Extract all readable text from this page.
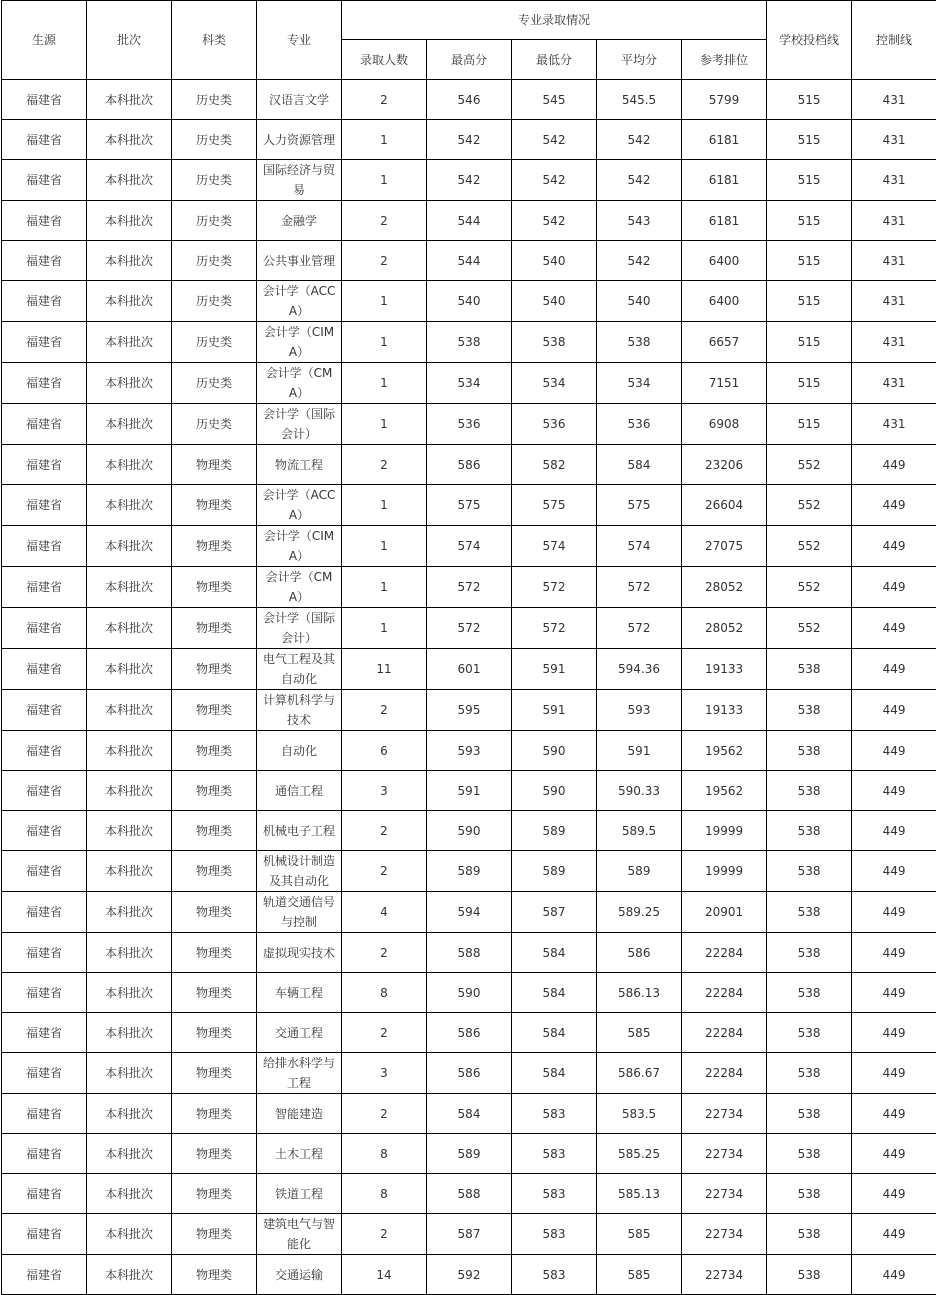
生源	批次	科类	专业	专业录取情况					学校投档线	控制线
				录取人数	最高分	最低分	平均分	参考排位		
福建省	本科批次	历史类	汉语言文学	2	546	545	545.5	5799	515	431
福建省	本科批次	历史类	人力资源管理	1	542	542	542	6181	515	431
福建省	本科批次	历史类	国际经济与贸易	1	542	542	542	6181	515	431
福建省	本科批次	历史类	金融学	2	544	542	543	6181	515	431
福建省	本科批次	历史类	公共事业管理	2	544	540	542	6400	515	431
福建省	本科批次	历史类	会计学（ACCA）	1	540	540	540	6400	515	431
福建省	本科批次	历史类	会计学（CIMA）	1	538	538	538	6657	515	431
福建省	本科批次	历史类	会计学（CMA）	1	534	534	534	7151	515	431
福建省	本科批次	历史类	会计学（国际会计）	1	536	536	536	6908	515	431
福建省	本科批次	物理类	物流工程	2	586	582	584	23206	552	449
福建省	本科批次	物理类	会计学（ACCA）	1	575	575	575	26604	552	449
福建省	本科批次	物理类	会计学（CIMA）	1	574	574	574	27075	552	449
福建省	本科批次	物理类	会计学（CMA）	1	572	572	572	28052	552	449
福建省	本科批次	物理类	会计学（国际会计）	1	572	572	572	28052	552	449
福建省	本科批次	物理类	电气工程及其自动化	11	601	591	594.36	19133	538	449
福建省	本科批次	物理类	计算机科学与技术	2	595	591	593	19133	538	449
福建省	本科批次	物理类	自动化	6	593	590	591	19562	538	449
福建省	本科批次	物理类	通信工程	3	591	590	590.33	19562	538	449
福建省	本科批次	物理类	机械电子工程	2	590	589	589.5	19999	538	449
福建省	本科批次	物理类	机械设计制造及其自动化	2	589	589	589	19999	538	449
福建省	本科批次	物理类	轨道交通信号与控制	4	594	587	589.25	20901	538	449
福建省	本科批次	物理类	虚拟现实技术	2	588	584	586	22284	538	449
福建省	本科批次	物理类	车辆工程	8	590	584	586.13	22284	538	449
福建省	本科批次	物理类	交通工程	2	586	584	585	22284	538	449
福建省	本科批次	物理类	给排水科学与工程	3	586	584	586.67	22284	538	449
福建省	本科批次	物理类	智能建造	2	584	583	583.5	22734	538	449
福建省	本科批次	物理类	土木工程	8	589	583	585.25	22734	538	449
福建省	本科批次	物理类	铁道工程	8	588	583	585.13	22734	538	449
福建省	本科批次	物理类	建筑电气与智能化	2	587	583	585	22734	538	449
福建省	本科批次	物理类	交通运输	14	592	583	585	22734	538	449
